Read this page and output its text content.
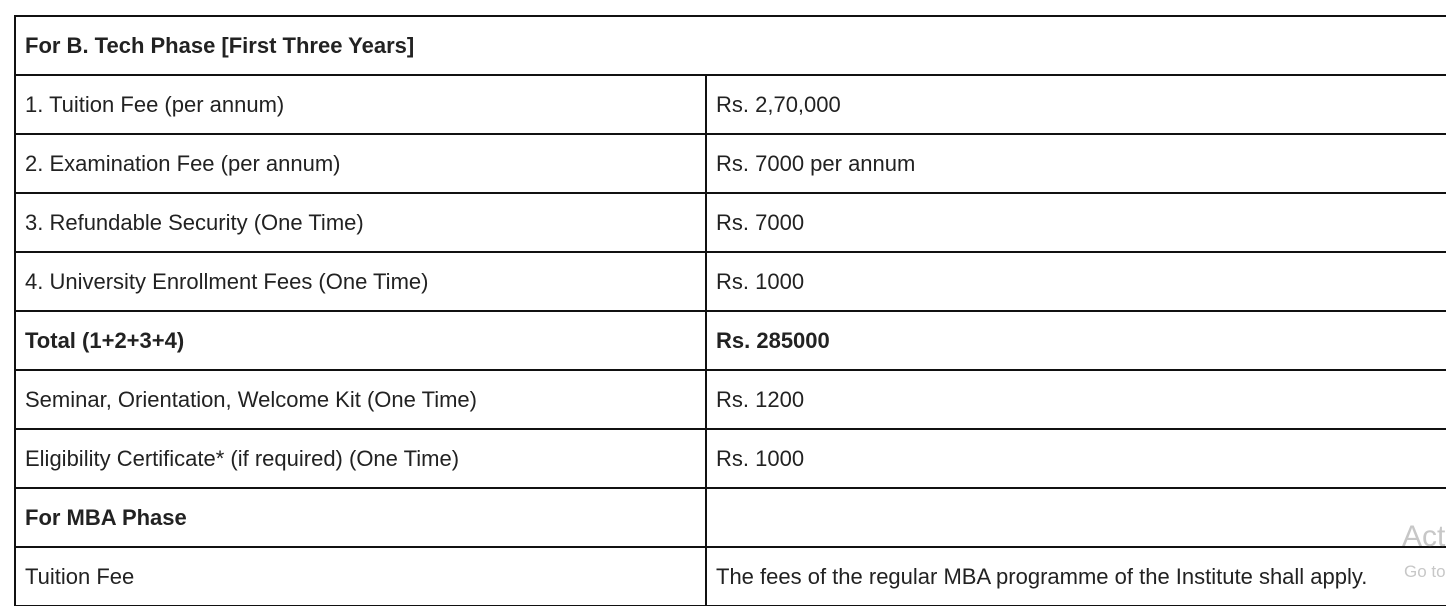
For B. Tech Phase [First Three Years]	
1. Tuition Fee (per annum)	Rs. 2,70,000
2. Examination Fee (per annum)	Rs. 7000 per annum
3. Refundable Security (One Time)	Rs. 7000
4. University Enrollment Fees (One Time)	Rs. 1000
Total (1+2+3+4)	Rs. 285000
Seminar, Orientation, Welcome Kit (One Time)	Rs. 1200
Eligibility Certificate* (if required) (One Time)	Rs. 1000
For MBA Phase	
Tuition Fee	The fees of the regular MBA programme of the Institute shall apply.
Act
Go to
